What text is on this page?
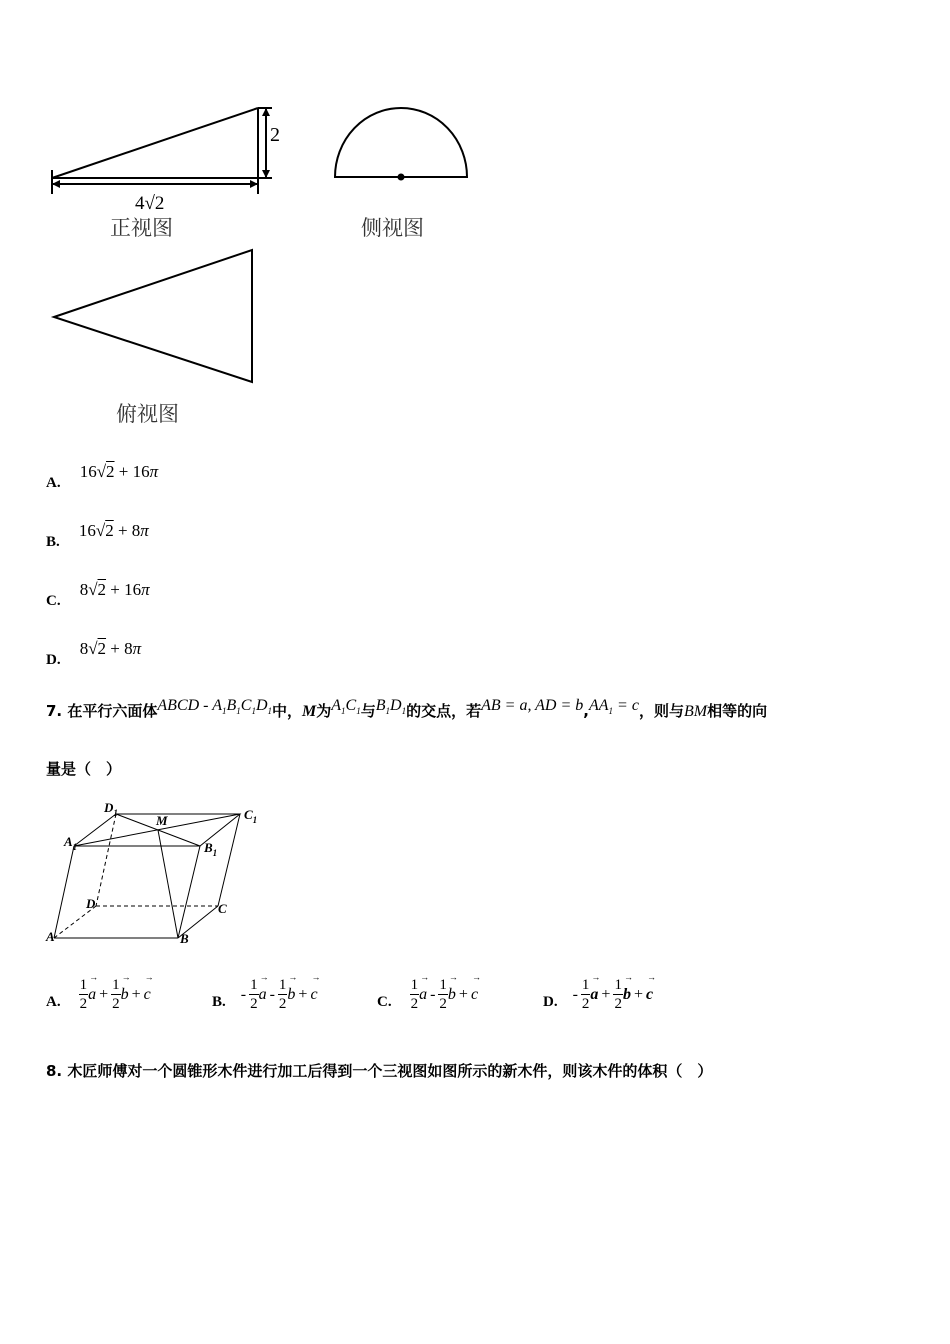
2
4√2
正视图	侧视图
俯视图
A. 16√2 + 16π
B. 16√2 + 8π
C. 8√2 + 16π
D. 8√2 + 8π
7. 在平行六面体ABCD - $A_1B_1C_1D_1$中，M为$A_1C_1$与$B_1D_1$的交点，若AB = a, AD = $b,AA_1 = c$，则与BM相等的向
量是（　）
$D_1$	M	$C_1$
$A_1$	$B_1$
D	C
A	B
A. $\frac{1}{2} \to a + \frac{1}{2} \to b$ + → c	B. - $\frac{1}{2} \to a - \frac{1}{2} \to b$ + → c	C. $\frac{1}{2} \to a - \frac{1}{2} \to b$ + → c	D. - $\frac{1}{2} \to a + \frac{1}{2} \to b$ + → c
8. 木匠师傅对一个圆锥形木件进行加工后得到一个三视图如图所示的新木件，则该木件的体积（　）
